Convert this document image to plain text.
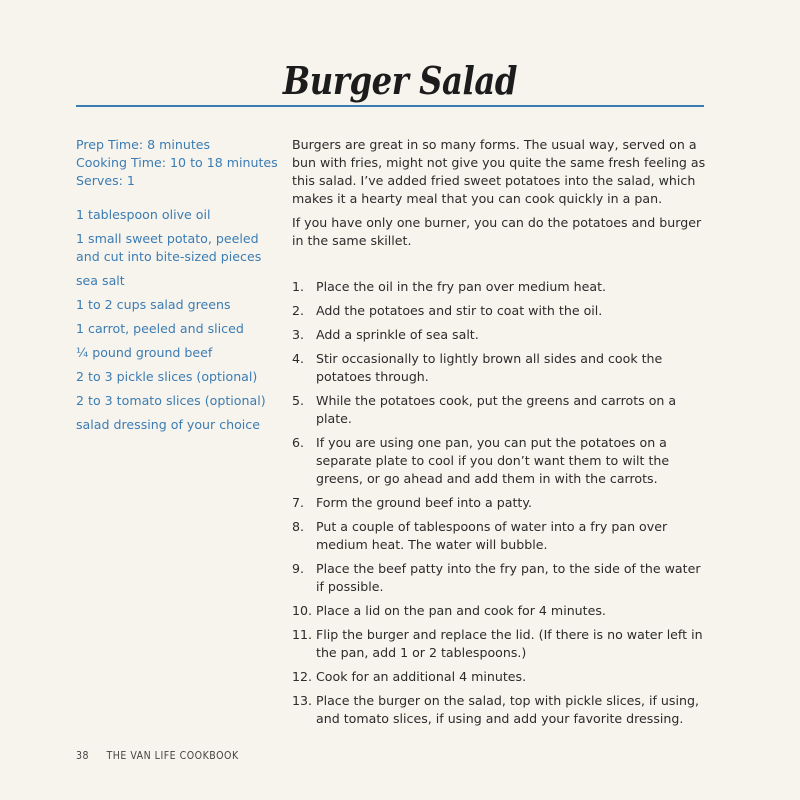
Burger Salad
Prep Time: 8 minutes
Cooking Time: 10 to 18 minutes
Serves: 1
1 tablespoon olive oil
1 small sweet potato, peeled and cut into bite-sized pieces
sea salt
1 to 2 cups salad greens
1 carrot, peeled and sliced
¼ pound ground beef
2 to 3 pickle slices (optional)
2 to 3 tomato slices (optional)
salad dressing of your choice

Burgers are great in so many forms. The usual way, served on a bun with fries, might not give you quite the same fresh feeling as this salad. I’ve added fried sweet potatoes into the salad, which makes it a hearty meal that you can cook quickly in a pan.

If you have only one burner, you can do the potatoes and burger in the same skillet.

1. Place the oil in the fry pan over medium heat.
2. Add the potatoes and stir to coat with the oil.
3. Add a sprinkle of sea salt.
4. Stir occasionally to lightly brown all sides and cook the potatoes through.
5. While the potatoes cook, put the greens and carrots on a plate.
6. If you are using one pan, you can put the potatoes on a separate plate to cool if you don’t want them to wilt the greens, or go ahead and add them in with the carrots.
7. Form the ground beef into a patty.
8. Put a couple of tablespoons of water into a fry pan over medium heat. The water will bubble.
9. Place the beef patty into the fry pan, to the side of the water if possible.
10. Place a lid on the pan and cook for 4 minutes.
11. Flip the burger and replace the lid. (If there is no water left in the pan, add 1 or 2 tablespoons.)
12. Cook for an additional 4 minutes.
13. Place the burger on the salad, top with pickle slices, if using, and tomato slices, if using and add your favorite dressing.
38 THE VAN LIFE COOKBOOK
